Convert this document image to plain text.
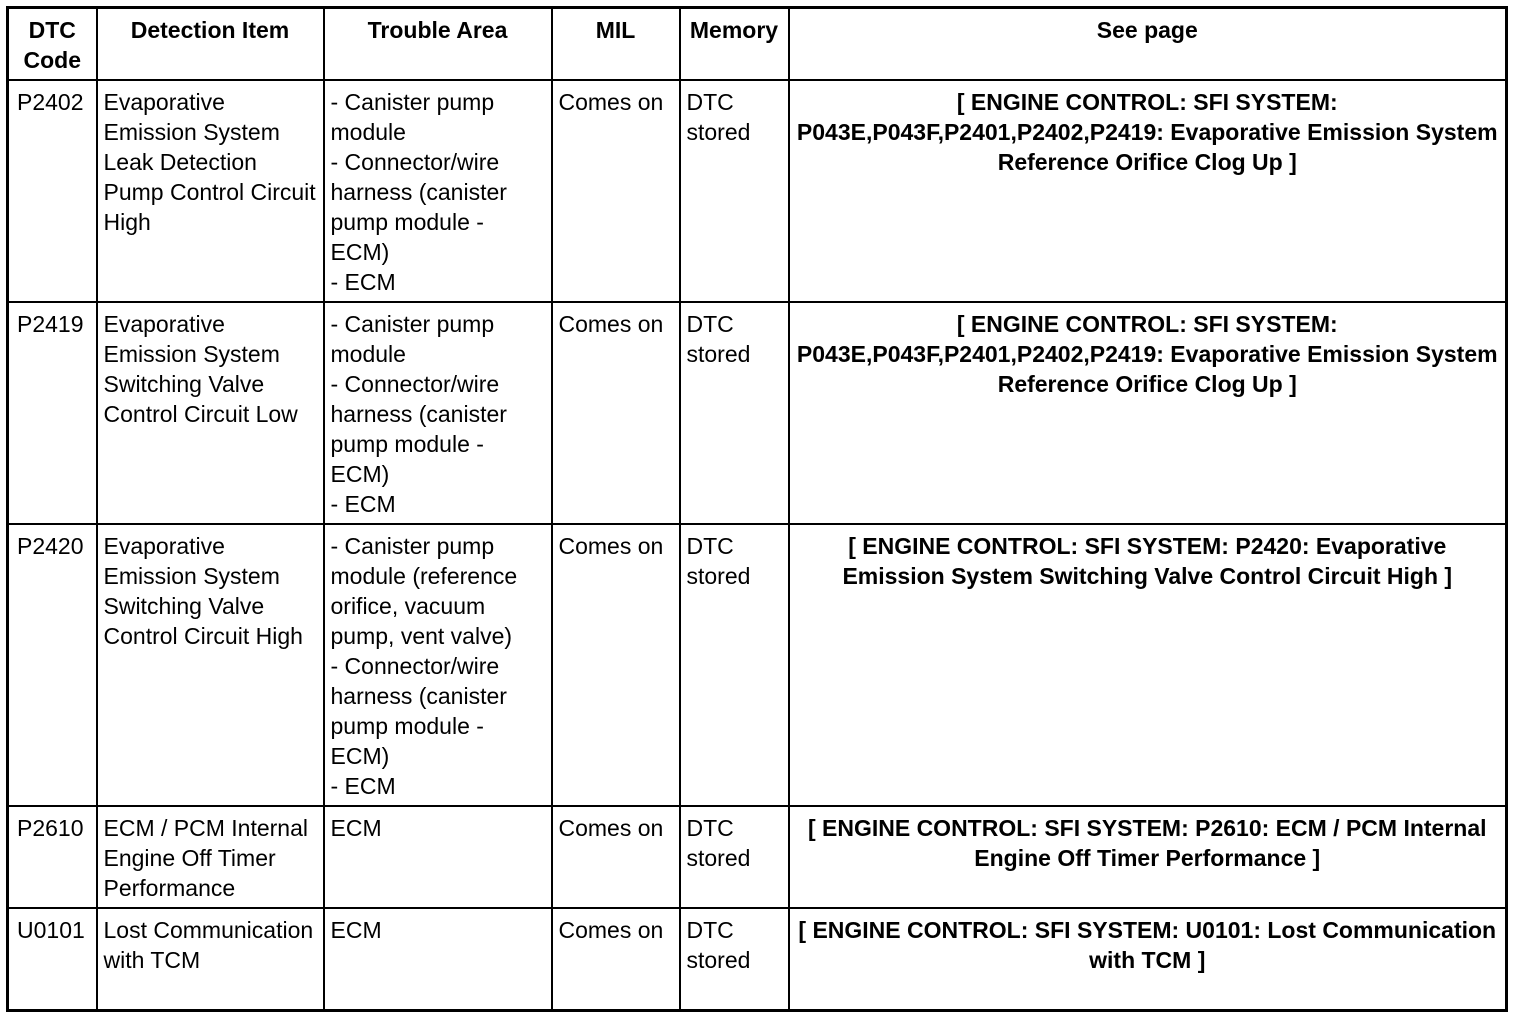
DTC Code	Detection Item	Trouble Area	MIL	Memory	See page
P2402	Evaporative Emission System Leak Detection Pump Control Circuit High	- Canister pump module
- Connector/wire harness (canister pump module - ECM)
- ECM	Comes on	DTC stored	[ ENGINE CONTROL: SFI SYSTEM: P043E,P043F,P2401,P2402,P2419: Evaporative Emission System Reference Orifice Clog Up ]
P2419	Evaporative Emission System Switching Valve Control Circuit Low	- Canister pump module
- Connector/wire harness (canister pump module - ECM)
- ECM	Comes on	DTC stored	[ ENGINE CONTROL: SFI SYSTEM: P043E,P043F,P2401,P2402,P2419: Evaporative Emission System Reference Orifice Clog Up ]
P2420	Evaporative Emission System Switching Valve Control Circuit High	- Canister pump module (reference orifice, vacuum pump, vent valve)
- Connector/wire harness (canister pump module - ECM)
- ECM	Comes on	DTC stored	[ ENGINE CONTROL: SFI SYSTEM: P2420: Evaporative Emission System Switching Valve Control Circuit High ]
P2610	ECM / PCM Internal Engine Off Timer Performance	ECM	Comes on	DTC stored	[ ENGINE CONTROL: SFI SYSTEM: P2610: ECM / PCM Internal Engine Off Timer Performance ]
U0101	Lost Communication with TCM	ECM	Comes on	DTC stored	[ ENGINE CONTROL: SFI SYSTEM: U0101: Lost Communication with TCM ]
